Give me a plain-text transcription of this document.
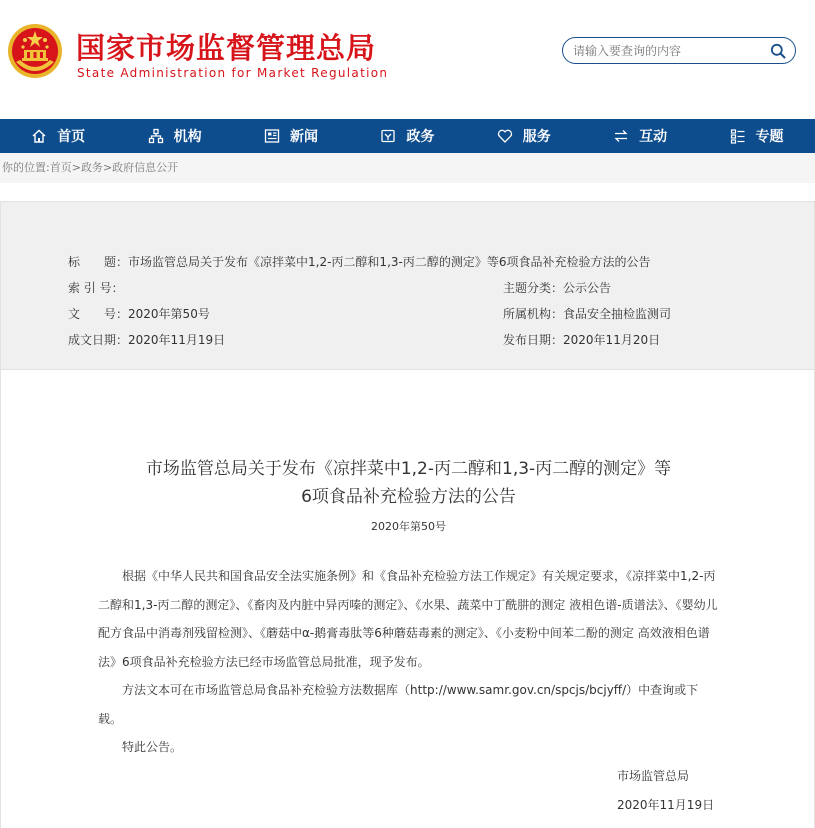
国家市场监督管理总局
State Administration for Market Regulation
请输入要查询的内容
首页	机构	新闻	政务	服务	互动	专题
你的位置:首页>政务>政府信息公开
标　　题：市场监管总局关于发布《凉拌菜中1,2-丙二醇和1,3-丙二醇的测定》等6项食品补充检验方法的公告
索 引 号：	主题分类：公示公告
文　　号：2020年第50号	所属机构：食品安全抽检监测司
成文日期：2020年11月19日	发布日期：2020年11月20日
市场监管总局关于发布《凉拌菜中1,2-丙二醇和1,3-丙二醇的测定》等
6项食品补充检验方法的公告
2020年第50号

根据《中华人民共和国食品安全法实施条例》和《食品补充检验方法工作规定》有关规定要求，《凉拌菜中1,2-丙二醇和1,3-丙二醇的测定》、《畜肉及内脏中异丙嗪的测定》、《水果、蔬菜中丁酰肼的测定 液相色谱-质谱法》、《婴幼儿配方食品中消毒剂残留检测》、《蘑菇中α-鹅膏毒肽等6种蘑菇毒素的测定》、《小麦粉中间苯二酚的测定 高效液相色谱法》6项食品补充检验方法已经市场监管总局批准，现予发布。

方法文本可在市场监管总局食品补充检验方法数据库（http://www.samr.gov.cn/spcjs/bcjyff/）中查询或下载。

特此公告。

市场监管总局
2020年11月19日
